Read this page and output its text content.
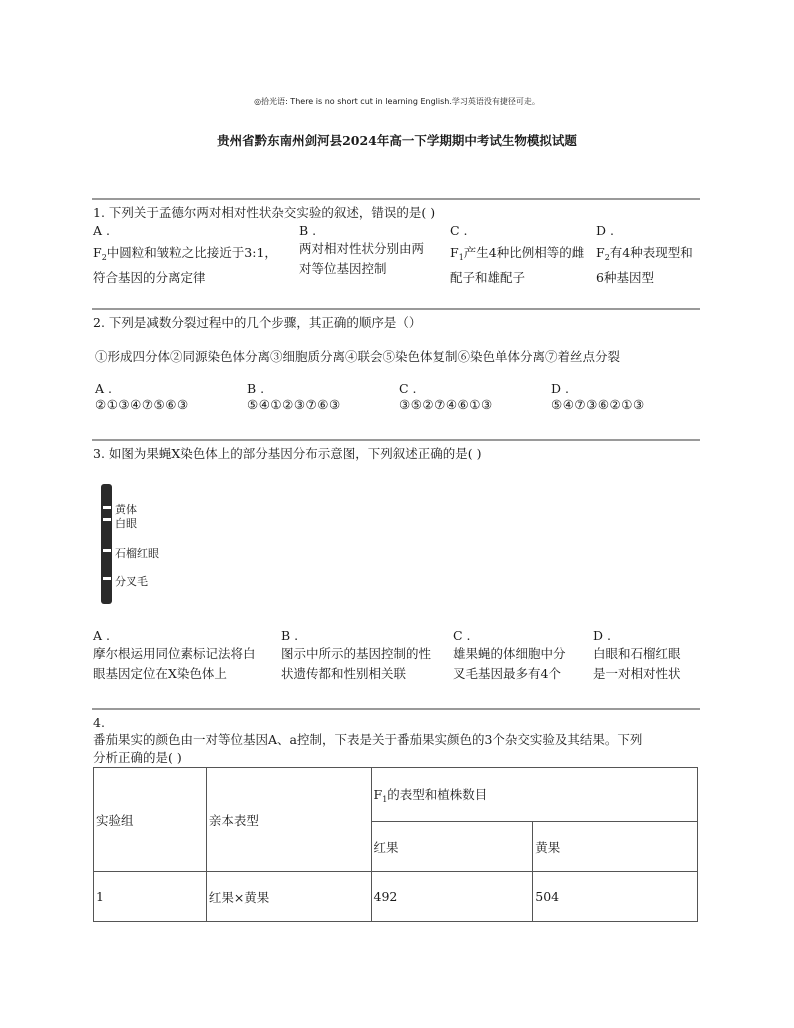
◎拾光语: There is no short cut in learning English.学习英语没有捷径可走。
贵州省黔东南州剑河县2024年高一下学期期中考试生物模拟试题
1. 下列关于孟德尔两对相对性状杂交实验的叙述，错误的是( )
A .
$F_2$中圆粒和皱粒之比接近于3:1，
符合基因的分离定律
B .
两对相对性状分别由两
对等位基因控制
C .
$F_1$产生4种比例相等的雌
配子和雄配子
D .
$F_2$有4种表现型和
6种基因型
2. 下列是减数分裂过程中的几个步骤，其正确的顺序是（）
①形成四分体②同源染色体分离③细胞质分离④联会⑤染色体复制⑥染色单体分离⑦着丝点分裂
A .
②①③④⑦⑤⑥③
B .
⑤④①②③⑦⑥③
C .
③⑤②⑦④⑥①③
D .
⑤④⑦③⑥②①③
3. 如图为果蝇X染色体上的部分基因分布示意图，下列叙述正确的是( )
黄体
白眼
石榴红眼
分叉毛
A .
摩尔根运用同位素标记法将白
眼基因定位在X染色体上
B .
图示中所示的基因控制的性
状遗传都和性别相关联
C .
雄果蝇的体细胞中分
叉毛基因最多有4个
D .
白眼和石榴红眼
是一对相对性状
4.
番茄果实的颜色由一对等位基因A、a控制，下表是关于番茄果实颜色的3个杂交实验及其结果。下列
分析正确的是( )
实验组	亲本表型	$F_1$的表型和植株数目	
		红果	黄果
1	红果×黄果	492	504
